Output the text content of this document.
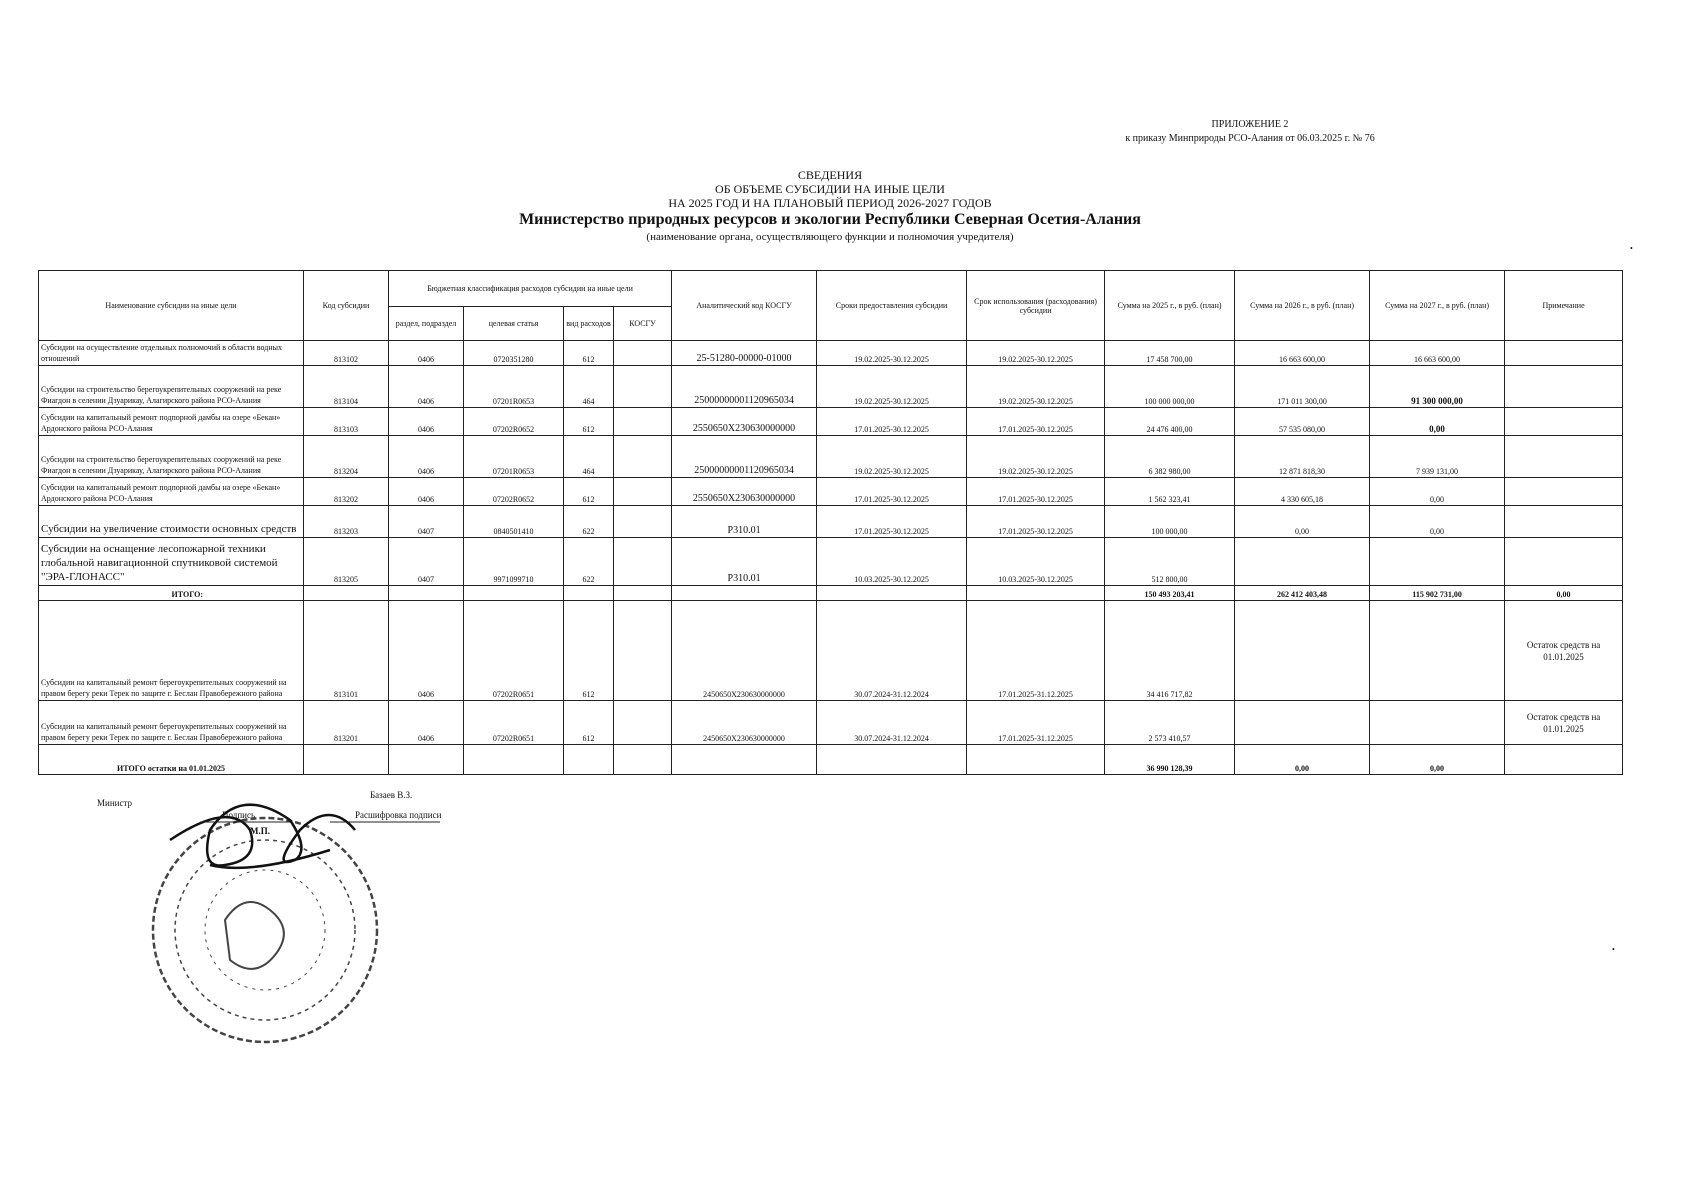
ПРИЛОЖЕНИЕ 2
к приказу Минприроды РСО-Алания от 06.03.2025 г. № 76
СВЕДЕНИЯ
ОБ ОБЪЕМЕ СУБСИДИИ НА ИНЫЕ ЦЕЛИ
НА 2025 ГОД И НА ПЛАНОВЫЙ ПЕРИОД 2026-2027 ГОДОВ
Министерство природных ресурсов и экологии Республики Северная Осетия-Алания
(наименование органа, осуществляющего функции и полномочия учредителя)
Наименование субсидии на иные цели	Код субсидии	Бюджетная классификация расходов субсидии на иные цели				Аналитический код КОСГУ	Сроки предоставления субсидии	Срок использования (расходования) субсидии	Сумма на 2025 г., в руб. (план)	Сумма на 2026 г., в руб. (план)	Сумма на 2027 г., в руб. (план)	Примечание
		раздел, подраздел	целевая статья	вид расходов	КОСГУ							
Субсидии на осуществление отдельных полномочий в области водных отношений	813102	0406	0720351280	612		25-51280-00000-01000	19.02.2025-30.12.2025	19.02.2025-30.12.2025	17 458 700,00	16 663 600,00	16 663 600,00	
Субсидии на строительство берегоукрепительных сооружений на реке Фиагдон в селении Дзуарикау, Алагирского района РСО-Алания	813104	0406	07201R0653	464		25000000001120965034	19.02.2025-30.12.2025	19.02.2025-30.12.2025	100 000 000,00	171 011 300,00	91 300 000,00	
Субсидии на капитальный ремонт подпорной дамбы на озере «Бекан» Ардонского района РСО-Алания	813103	0406	07202R0652	612		2550650Х230630000000	17.01.2025-30.12.2025	17.01.2025-30.12.2025	24 476 400,00	57 535 080,00	0,00	
Субсидии на строительство берегоукрепительных сооружений на реке Фиагдон в селении Дзуарикау, Алагирского района РСО-Алания	813204	0406	07201R0653	464		25000000001120965034	19.02.2025-30.12.2025	19.02.2025-30.12.2025	6 382 980,00	12 871 818,30	7 939 131,00	
Субсидии на капитальный ремонт подпорной дамбы на озере «Бекан» Ардонского района РСО-Алания	813202	0406	07202R0652	612		2550650Х230630000000	17.01.2025-30.12.2025	17.01.2025-30.12.2025	1 562 323,41	4 330 605,18	0,00	
Субсидии на увеличение стоимости основных средств	813203	0407	0840501410	622		Р310.01	17.01.2025-30.12.2025	17.01.2025-30.12.2025	100 000,00	0,00	0,00	
Субсидии на оснащение лесопожарной техники глобальной навигационной спутниковой системой "ЭРА-ГЛОНАСС"	813205	0407	9971099710	622		Р310.01	10.03.2025-30.12.2025	10.03.2025-30.12.2025	512 800,00			
ИТОГО:									150 493 203,41	262 412 403,48	115 902 731,00	0,00
Субсидии на капитальный ремонт берегоукрепительных сооружений на правом берегу реки Терек по защите г. Беслан Правобережного района	813101	0406	07202R0651	612		2450650Х230630000000	30.07.2024-31.12.2024	17.01.2025-31.12.2025	34 416 717,82			Остаток средств на 01.01.2025
Субсидии на капитальный ремонт берегоукрепительных сооружений на правом берегу реки Терек по защите г. Беслан Правобережного района	813201	0406	07202R0651	612		2450650Х230630000000	30.07.2024-31.12.2024	17.01.2025-31.12.2025	2 573 410,57			Остаток средств на 01.01.2025
ИТОГО остатки на 01.01.2025									36 990 128,39	0,00	0,00	
•
•
Министр
Базаев В.З.
Подпись	Расшифровка подписи
М.П.
